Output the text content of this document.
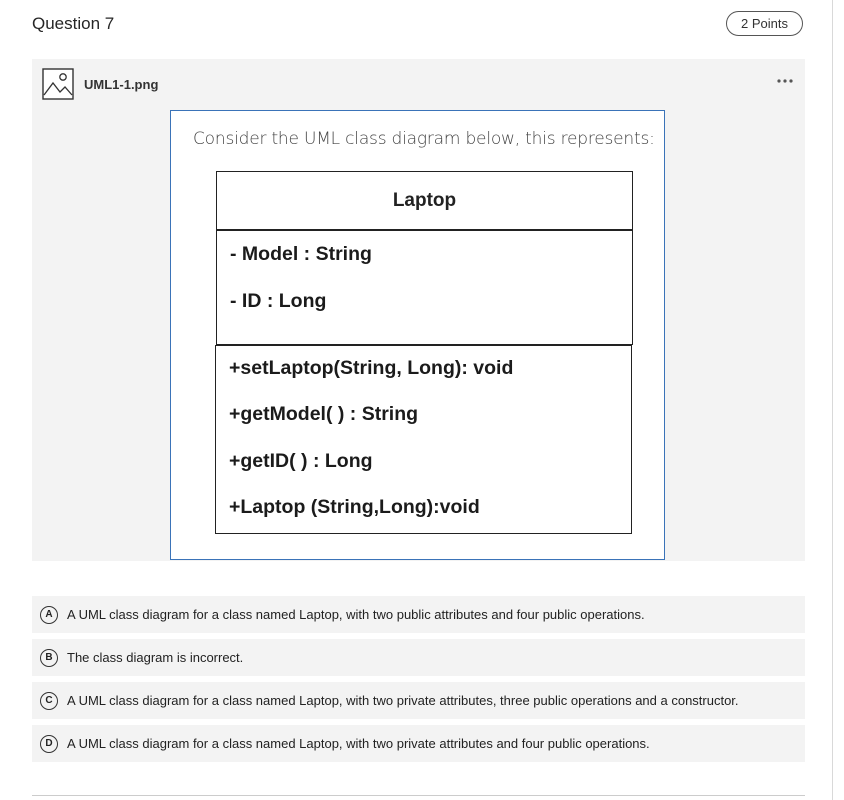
Question 7	2 Points
UML1-1.png
Consider the UML class diagram below, this represents:
Laptop
- Model : String
- ID : Long
+setLaptop(String, Long): void
+getModel( ) : String
+getID( ) : Long
+Laptop (String,Long):void
A	A UML class diagram for a class named Laptop, with two public attributes and four public operations.
B	The class diagram is incorrect.
C	A UML class diagram for a class named Laptop, with two private attributes, three public operations and a constructor.
D	A UML class diagram for a class named Laptop, with two private attributes and four public operations.
